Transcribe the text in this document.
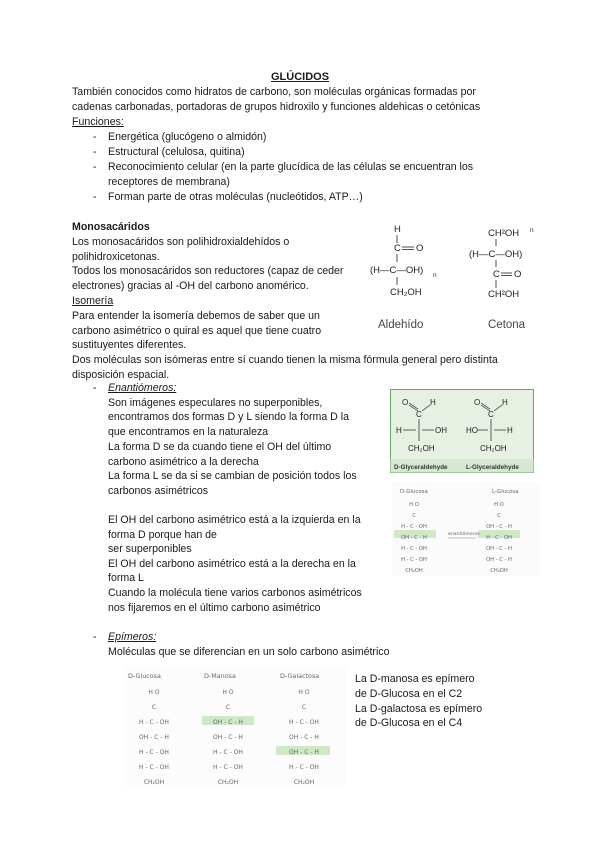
GLÚCIDOS
También conocidos como hidratos de carbono, son moléculas orgánicas formadas por
cadenas carbonadas, portadoras de grupos hidroxilo y funciones aldehicas o cetónicas
Funciones:
- Energética (glucógeno o almidón)
- Estructural (celulosa, quitina)
- Reconocimiento celular (en la parte glucídica de las células se encuentran los
receptores de membrana)
- Forman parte de otras moléculas (nucleótidos, ATP…)
Monosacáridos
Los monosacáridos son polihidroxialdehídos o
polihidroxicetonas.
Todos los monosacáridos son reductores (capaz de ceder
electrones) gracias al -OH del carbono anomérico.
Isomería
Para entender la isomería debemos de saber que un
carbono asimétrico o quiral es aquel que tiene cuatro
sustituyentes diferentes.
Dos moléculas son isómeras entre sí cuando tienen la misma fórmula general pero distinta
disposición espacial.
H
C O
(H—C—OH) n
CH₂OH
Aldehído
CH²OH n
(H—C—OH)
C O
CH²OH
Cetona
- Enantiómeros:
Son imágenes especulares no superponibles,
encontramos dos formas D y L siendo la forma D la
que encontramos en la naturaleza
La forma D se da cuando tiene el OH del último
carbono asimétrico a la derecha
La forma L se da si se cambian de posición todos los
carbonos asimétricos
El OH del carbono asimétrico está a la izquierda en la
forma D porque han de
ser superponibles
El OH del carbono asimétrico está a la derecha en la
forma L
Cuando la molécula tiene varios carbonos asimétricos
nos fijaremos en el último carbono asimétrico
O
C
H
H	OH
CH₂OH
O
C
H
HO	H
CH₂OH
D-Glyceraldehyde	L-Glyceraldehyde
D-Glucosa	L-Glucosa
enantiómeros
H O
C
H - C - OH
OH - C - H
H - C - OH
H - C - OH
CH₂OH
H O
C
OH - C - H
H - C - OH
OH - C - H
OH - C - H
CH₂OH
- Epímeros:
Moléculas que se diferencian en un solo carbono asimétrico
D-Glucosa	D-Manosa	D-Galactosa
H O
C
H - C - OH
OH - C - H
H - C - OH
H - C - OH
CH₂OH
H O
C
OH - C - H
OH - C - H
H - C - OH
H - C - OH
CH₂OH
H O
C
H - C - OH
OH - C - H
OH - C - H
H - C - OH
CH₂OH
La D-manosa es epímero
de D-Glucosa en el C2
La D-galactosa es epímero
de D-Glucosa en el C4
